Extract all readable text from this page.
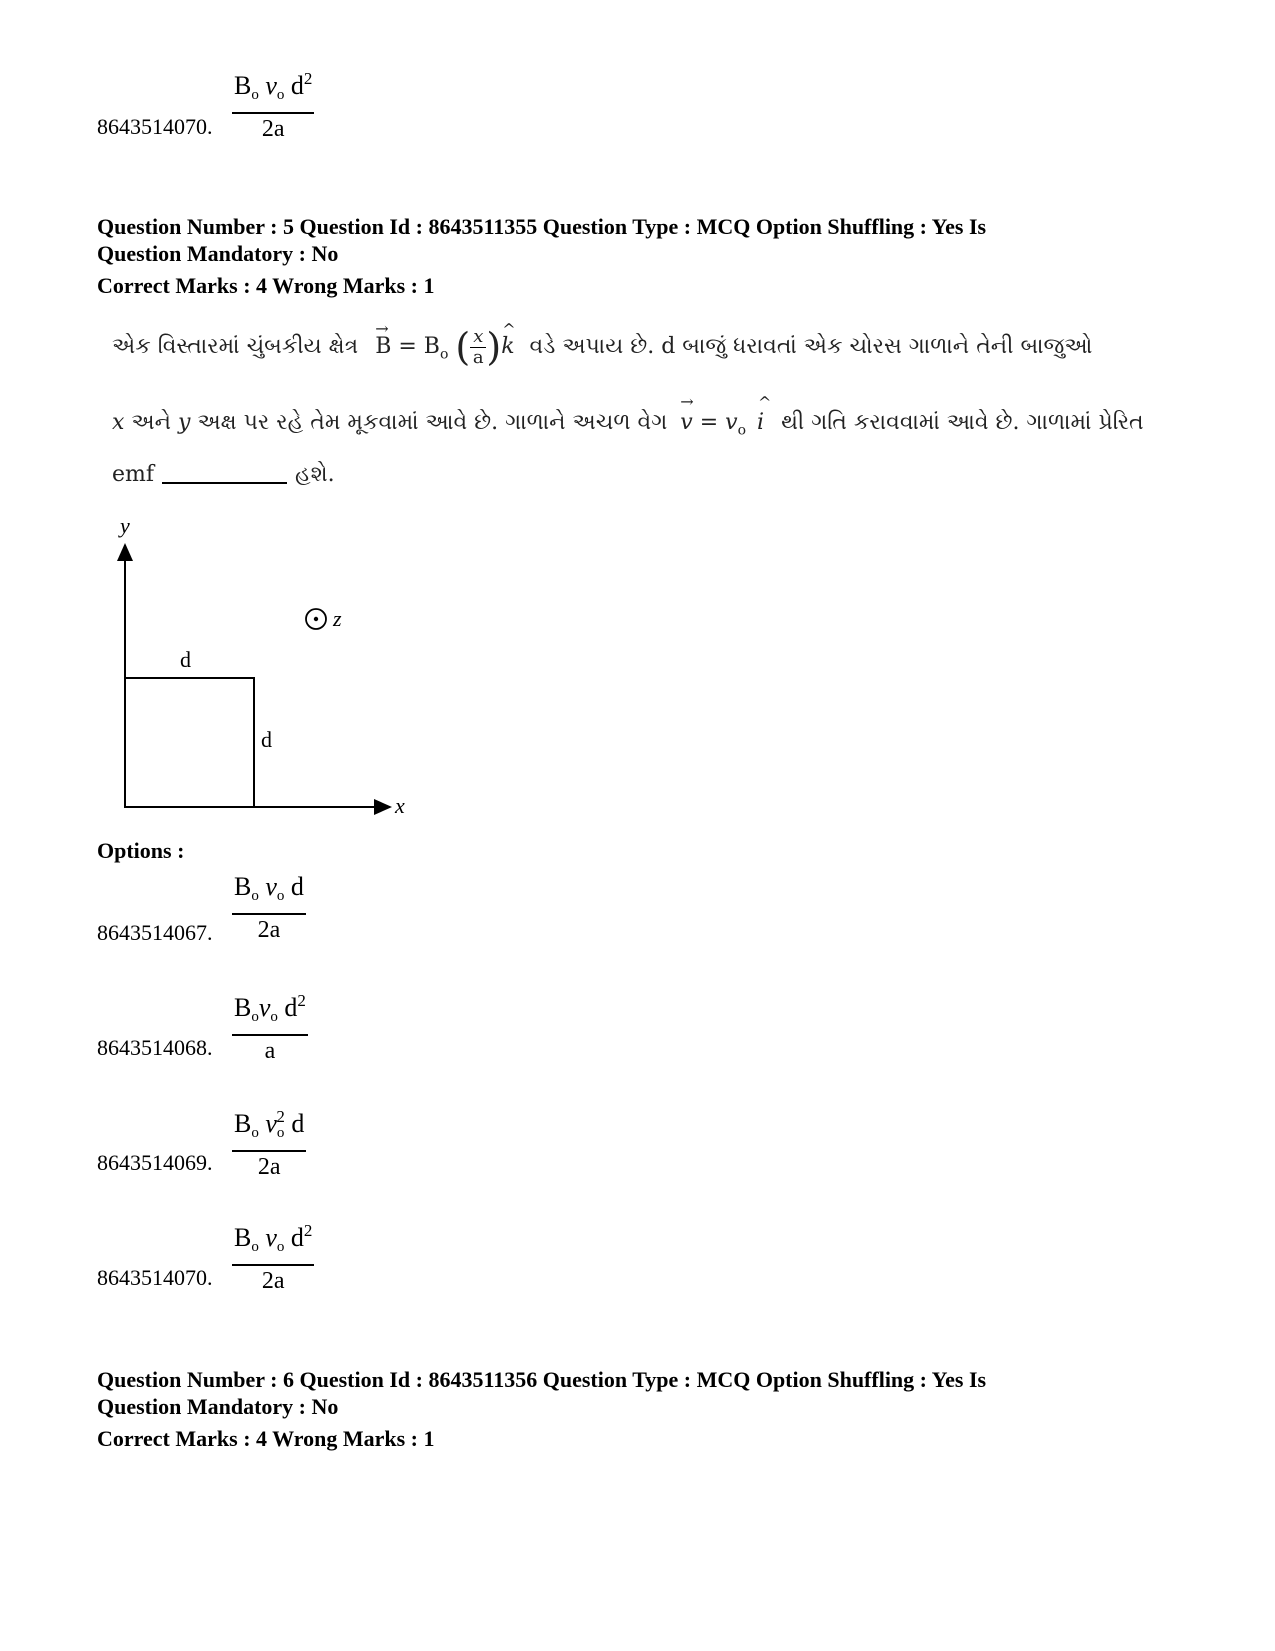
$\frac{B_o v_o d^2}{2a}$
8643514070.
Question Number : 5 Question Id : 8643511355 Question Type : MCQ Option Shuffling : Yes Is
Question Mandatory : No
Correct Marks : 4 Wrong Marks : 1
એક વિસ્તારમાં ચુંબકીય ક્ષેત્ર → $B = B_o$ ( $\frac{x}{a}$ )^ k વડે અપાય છે. d બાજું ધરાવતાં એક ચોરસ ગાળાને તેની બાજુઓ
x અને y અક્ષ પર રહે તેમ મૂકવામાં આવે છે. ગાળાને અચળ વેગ → $v = v_o$ ^ i થી ગતિ કરાવવામાં આવે છે. ગાળામાં પ્રેરિત
emf	હશે.
y
x
z
d
d
Options :
$\frac{B_o v_o d}{2a}$
8643514067.
$B_ov_o$ $d^2$
a
8643514068.
$\frac{B_o v_o^2 d}{2a}$
8643514069.
$\frac{B_o v_o d^2}{2a}$
8643514070.
Question Number : 6 Question Id : 8643511356 Question Type : MCQ Option Shuffling : Yes Is
Question Mandatory : No
Correct Marks : 4 Wrong Marks : 1
